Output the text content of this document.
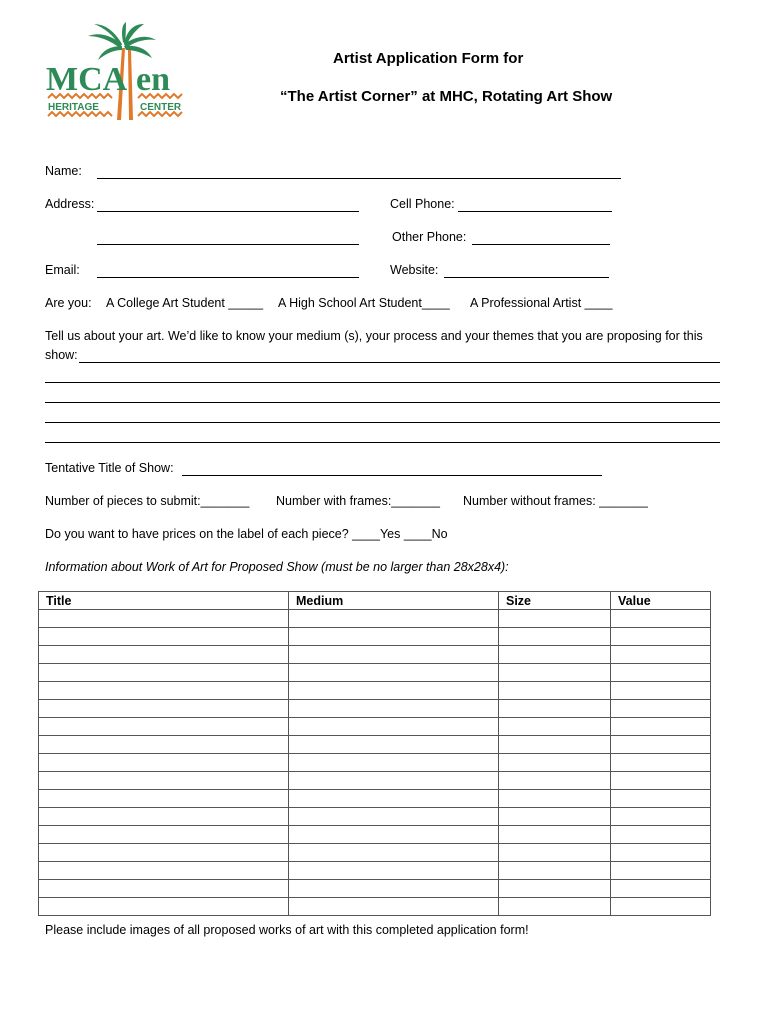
MCA en
HERITAGE	CENTER
Artist Application Form for
“The Artist Corner” at MHC, Rotating Art Show
Name:
Address:	Cell Phone:
Other Phone:
Email:	Website:
Are you: A College Art Student _____ A High School Art Student____ A Professional Artist ____
Tell us about your art. We’d like to know your medium (s), your process and your themes that you are proposing for this
show:
Tentative Title of Show:
Number of pieces to submit:_______ Number with frames:_______ Number without frames: _______
Do you want to have prices on the label of each piece? ____Yes ____No
Information about Work of Art for Proposed Show (must be no larger than 28x28x4):
Title	Medium	Size	Value

Please include images of all proposed works of art with this completed application form!
